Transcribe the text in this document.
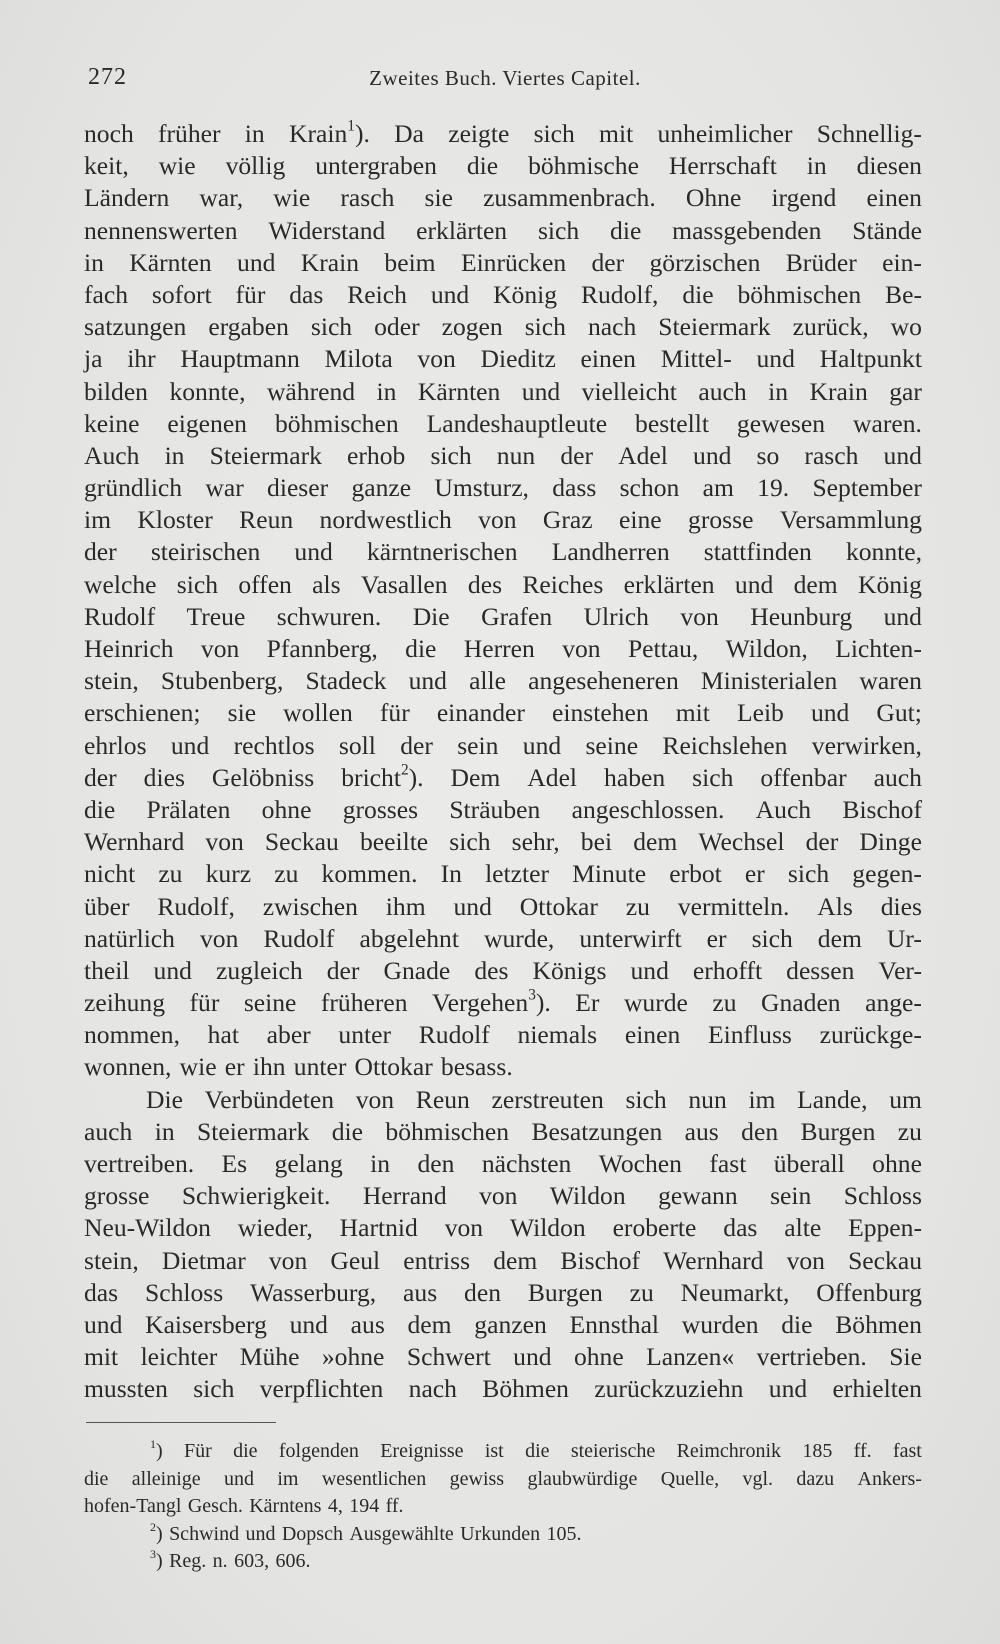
272	Zweites Buch. Viertes Capitel.
noch früher in Krain$^1$). Da zeigte sich mit unheimlicher Schnellig-
keit, wie völlig untergraben die böhmische Herrschaft in diesen
Ländern war, wie rasch sie zusammenbrach. Ohne irgend einen
nennenswerten Widerstand erklärten sich die massgebenden Stände
in Kärnten und Krain beim Einrücken der görzischen Brüder ein-
fach sofort für das Reich und König Rudolf, die böhmischen Be-
satzungen ergaben sich oder zogen sich nach Steiermark zurück, wo
ja ihr Hauptmann Milota von Dieditz einen Mittel- und Haltpunkt
bilden konnte, während in Kärnten und vielleicht auch in Krain gar
keine eigenen böhmischen Landeshauptleute bestellt gewesen waren.
Auch in Steiermark erhob sich nun der Adel und so rasch und
gründlich war dieser ganze Umsturz, dass schon am 19. September
im Kloster Reun nordwestlich von Graz eine grosse Versammlung
der steirischen und kärntnerischen Landherren stattfinden konnte,
welche sich offen als Vasallen des Reiches erklärten und dem König
Rudolf Treue schwuren. Die Grafen Ulrich von Heunburg und
Heinrich von Pfannberg, die Herren von Pettau, Wildon, Lichten-
stein, Stubenberg, Stadeck und alle angeseheneren Ministerialen waren
erschienen; sie wollen für einander einstehen mit Leib und Gut;
ehrlos und rechtlos soll der sein und seine Reichslehen verwirken,
der dies Gelöbniss bricht$^2$). Dem Adel haben sich offenbar auch
die Prälaten ohne grosses Sträuben angeschlossen. Auch Bischof
Wernhard von Seckau beeilte sich sehr, bei dem Wechsel der Dinge
nicht zu kurz zu kommen. In letzter Minute erbot er sich gegen-
über Rudolf, zwischen ihm und Ottokar zu vermitteln. Als dies
natürlich von Rudolf abgelehnt wurde, unterwirft er sich dem Ur-
theil und zugleich der Gnade des Königs und erhofft dessen Ver-
zeihung für seine früheren Vergehen$^3$). Er wurde zu Gnaden ange-
nommen, hat aber unter Rudolf niemals einen Einfluss zurückge-
wonnen, wie er ihn unter Ottokar besass.
Die Verbündeten von Reun zerstreuten sich nun im Lande, um
auch in Steiermark die böhmischen Besatzungen aus den Burgen zu
vertreiben. Es gelang in den nächsten Wochen fast überall ohne
grosse Schwierigkeit. Herrand von Wildon gewann sein Schloss
Neu-Wildon wieder, Hartnid von Wildon eroberte das alte Eppen-
stein, Dietmar von Geul entriss dem Bischof Wernhard von Seckau
das Schloss Wasserburg, aus den Burgen zu Neumarkt, Offenburg
und Kaisersberg und aus dem ganzen Ennsthal wurden die Böhmen
mit leichter Mühe »ohne Schwert und ohne Lanzen« vertrieben. Sie
mussten sich verpflichten nach Böhmen zurückzuziehn und erhielten
$^1$) Für die folgenden Ereignisse ist die steierische Reimchronik 185 ff. fast
die alleinige und im wesentlichen gewiss glaubwürdige Quelle, vgl. dazu Ankers-
hofen-Tangl Gesch. Kärntens 4, 194 ff.
$^2$) Schwind und Dopsch Ausgewählte Urkunden 105.
$^3$) Reg. n. 603, 606.
